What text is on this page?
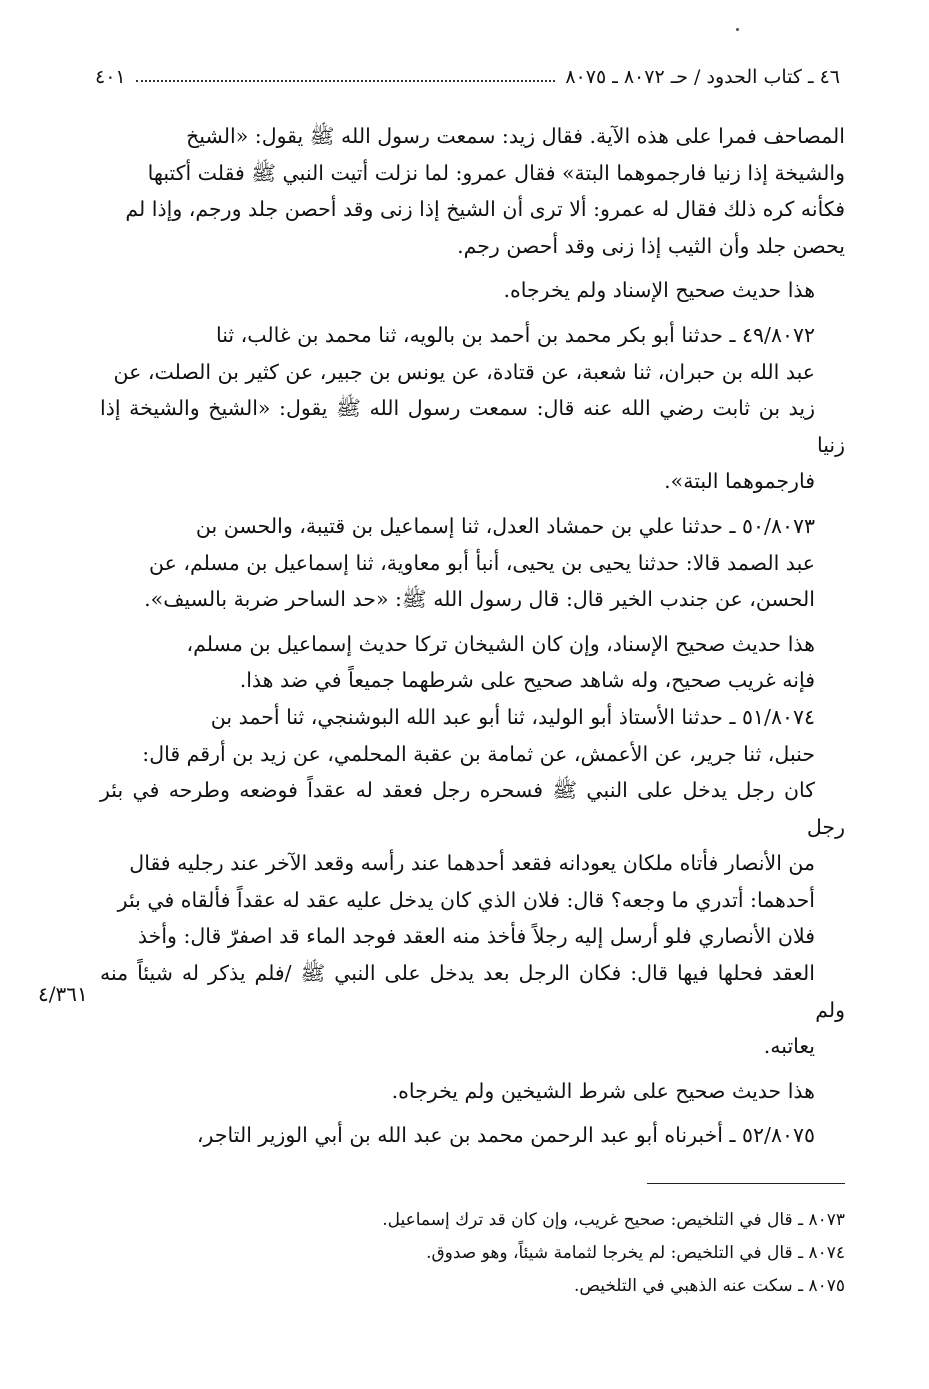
٤٦ ـ كتاب الحدود / حـ ٨٠٧٢ ـ ٨٠٧٥
٤٠١

المصاحف فمرا على هذه الآية. فقال زيد: سمعت رسول الله ﷺ يقول: «الشيخ
والشيخة إذا زنيا فارجموهما البتة» فقال عمرو: لما نزلت أتيت النبي ﷺ فقلت أكتبها
فكأنه كره ذلك فقال له عمرو: ألا ترى أن الشيخ إذا زنى وقد أحصن جلد ورجم، وإذا لم
يحصن جلد وأن الثيب إذا زنى وقد أحصن رجم.

هذا حديث صحيح الإسناد ولم يخرجاه.

٤٩/٨٠٧٢ ـ حدثنا أبو بكر محمد بن أحمد بن بالويه، ثنا محمد بن غالب، ثنا
عبد الله بن حبران، ثنا شعبة، عن قتادة، عن يونس بن جبير، عن كثير بن الصلت، عن
زيد بن ثابت رضي الله عنه قال: سمعت رسول الله ﷺ يقول: «الشيخ والشيخة إذا زنيا
فارجموهما البتة».

٥٠/٨٠٧٣ ـ حدثنا علي بن حمشاد العدل، ثنا إسماعيل بن قتيبة، والحسن بن
عبد الصمد قالا: حدثنا يحيى بن يحيى، أنبأ أبو معاوية، ثنا إسماعيل بن مسلم، عن
الحسن، عن جندب الخير قال: قال رسول الله ﷺ: «حد الساحر ضربة بالسيف».

هذا حديث صحيح الإسناد، وإن كان الشيخان تركا حديث إسماعيل بن مسلم،
فإنه غريب صحيح، وله شاهد صحيح على شرطهما جميعاً في ضد هذا.

٥١/٨٠٧٤ ـ حدثنا الأستاذ أبو الوليد، ثنا أبو عبد الله البوشنجي، ثنا أحمد بن
حنبل، ثنا جرير، عن الأعمش، عن ثمامة بن عقبة المحلمي، عن زيد بن أرقم قال:
كان رجل يدخل على النبي ﷺ فسحره رجل فعقد له عقداً فوضعه وطرحه في بئر رجل
من الأنصار فأتاه ملكان يعودانه فقعد أحدهما عند رأسه وقعد الآخر عند رجليه فقال
أحدهما: أتدري ما وجعه؟ قال: فلان الذي كان يدخل عليه عقد له عقداً فألقاه في بئر
فلان الأنصاري فلو أرسل إليه رجلاً فأخذ منه العقد فوجد الماء قد اصفرّ قال: وأخذ
العقد فحلها فيها قال: فكان الرجل بعد يدخل على النبي ﷺ /فلم يذكر له شيئاً منه ولم
يعاتبه.

هذا حديث صحيح على شرط الشيخين ولم يخرجاه.

٥٢/٨٠٧٥ ـ أخبرناه أبو عبد الرحمن محمد بن عبد الله بن أبي الوزير التاجر،

٤/٣٦١
٨٠٧٣ ـ قال في التلخيص: صحيح غريب، وإن كان قد ترك إسماعيل.
٨٠٧٤ ـ قال في التلخيص: لم يخرجا لثمامة شيئاً، وهو صدوق.
٨٠٧٥ ـ سكت عنه الذهبي في التلخيص.
